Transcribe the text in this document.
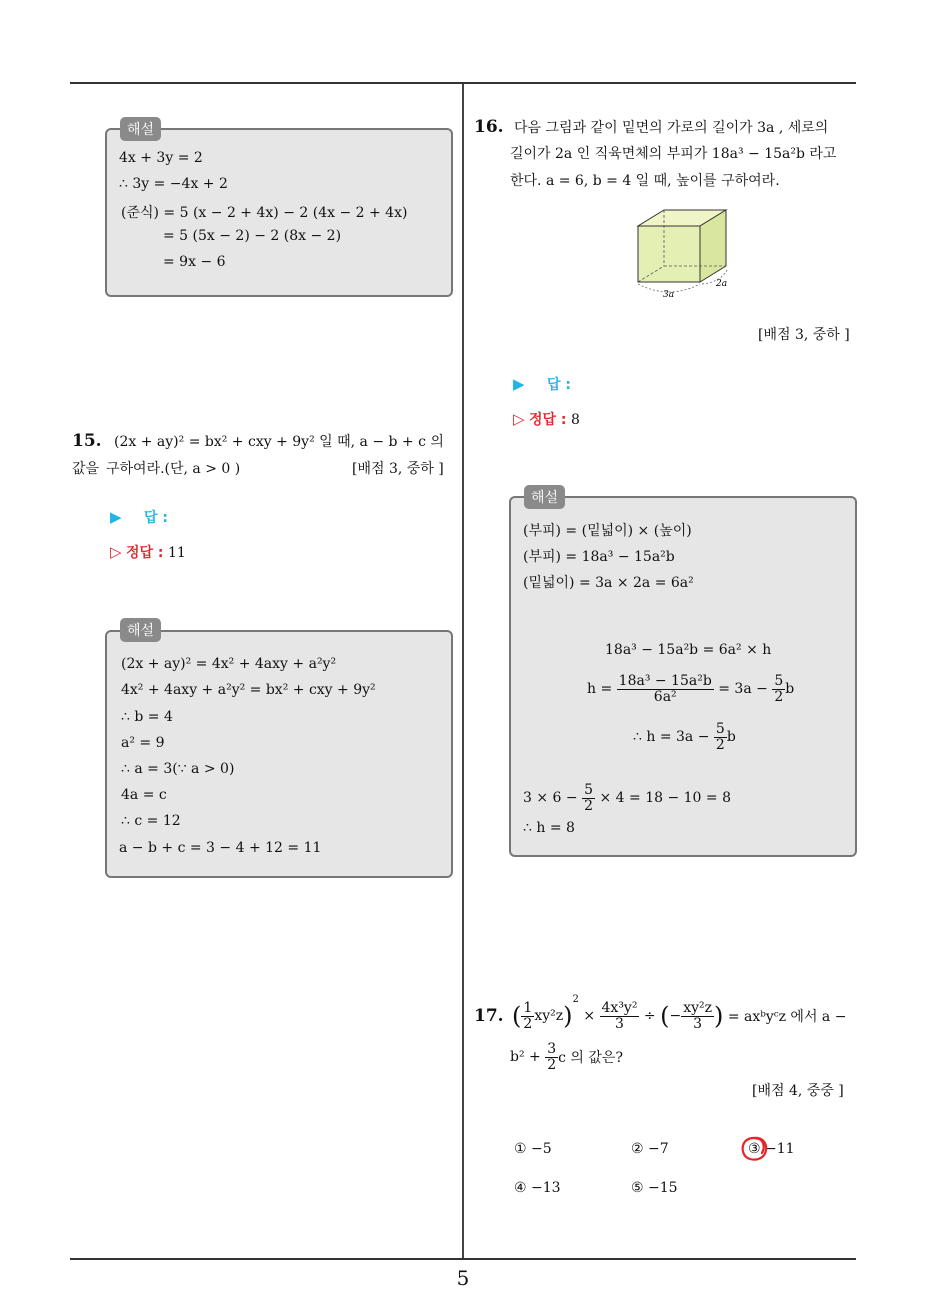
4x + 3y = 2
∴ 3y = −4x + 2
(준식) = 5 (x − 2 + 4x) − 2 (4x − 2 + 4x)
= 5 (5x − 2) − 2 (8x − 2)
= 9x − 6
해설
15. (2x + ay)² = bx² + cxy + 9y² 일 때, a − b + c 의 값을 구하여라.(단, a > 0 )	[배점 3, 중하 ]
▶ 답 :
▷ 정답 : 11
(2x + ay)² = 4x² + 4axy + a²y²
4x² + 4axy + a²y² = bx² + cxy + 9y²
∴ b = 4
a² = 9
∴ a = 3(∵ a > 0)
4a = c
∴ c = 12
a − b + c = 3 − 4 + 12 = 11
해설
16. 다음 그림과 같이 밑면의 가로의 길이가 3a , 세로의
길이가 2a 인 직육면체의 부피가 18a³ − 15a²b 라고
한다. a = 6, b = 4 일 때, 높이를 구하여라.
3a
2a
[배점 3, 중하 ]
▶ 답 :
▷ 정답 : 8
(부피) = (밑넓이) × (높이)
(부피) = 18a³ − 15a²b
(밑넓이) = 3a × 2a = 6a²
18a³ − 15a²b = 6a² × h
$h = \frac{\text{18a³ − 15a²b}}{\text{6a²}} = 3a - \frac{5}{2}$ b
∴ $h = 3a - \frac{5}{2}$ b
$3 \times 6 - \frac{5}{2} \times 4 = 18 - 10 = 8$
∴ h = 8
해설
17. ( $\frac{1}{2} xy^2z)^2 \times \frac{\text{4x³y²}}{3}$ ÷ (− $\frac{\text{xy²z}}{3}$ ) = axᵇyᶜz 에서 a −
$b^2 + \frac{3}{2}$ c 의 값은?
[배점 4, 중중 ]
① −5	② −7	③ −11
④ −13	⑤ −15
5
